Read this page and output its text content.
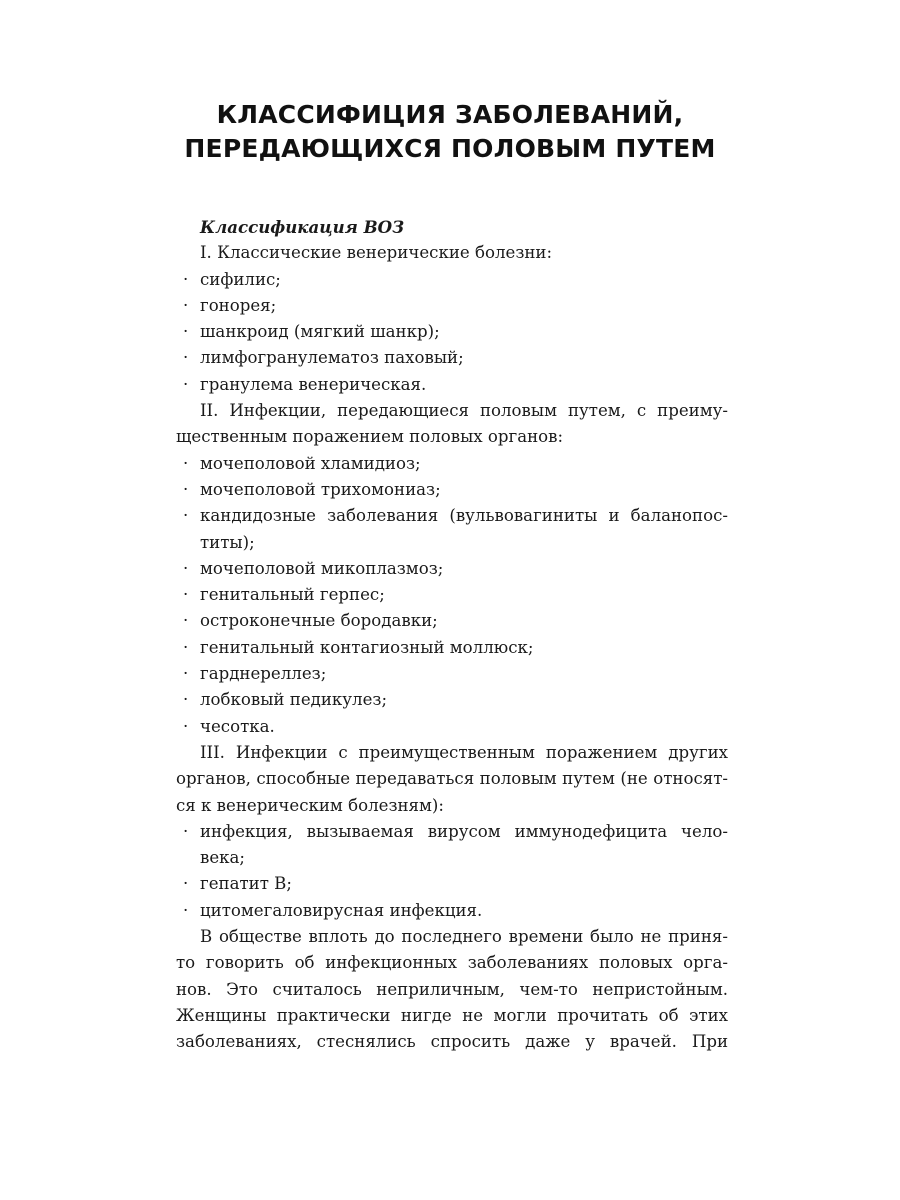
КЛАССИФИЦИЯ ЗАБОЛЕВАНИЙ,
ПЕРЕДАЮЩИХСЯ ПОЛОВЫМ ПУТЕМ
Классификация ВОЗ
I. Классические венерические болезни:
· сифилис;
· гонорея;
· шанкроид (мягкий шанкр);
· лимфогранулематоз паховый;
· гранулема венерическая.
II. Инфекции, передающиеся половым путем, с преиму-
щественным поражением половых органов:
· мочеполовой хламидиоз;
· мочеполовой трихомониаз;
· кандидозные заболевания (вульвовагиниты и баланопос-
титы);
· мочеполовой микоплазмоз;
· генитальный герпес;
· остроконечные бородавки;
· генитальный контагиозный моллюск;
· гарднереллез;
· лобковый педикулез;
· чесотка.
III. Инфекции с преимущественным поражением других
органов, способные передаваться половым путем (не относят-
ся к венерическим болезням):
· инфекция, вызываемая вирусом иммунодефицита чело-
века;
· гепатит В;
· цитомегаловирусная инфекция.
В обществе вплоть до последнего времени было не приня-
то говорить об инфекционных заболеваниях половых орга-
нов. Это считалось неприличным, чем-то непристойным.
Женщины практически нигде не могли прочитать об этих
заболеваниях, стеснялись спросить даже у врачей. При
